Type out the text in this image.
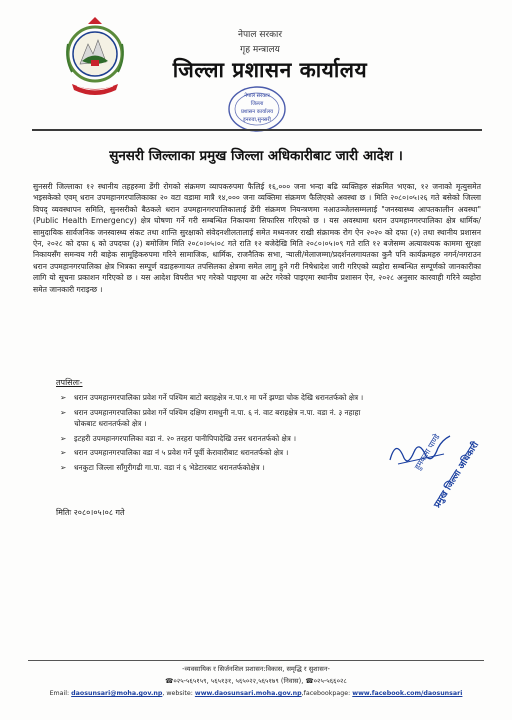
नेपाल सरकार
गृह मन्त्रालय
जिल्ला प्रशासन कार्यालय
नेपाल सरकार
जिल्ला
प्रशासन कार्यालय
इनरुवा,सुनसरी
सुनसरी जिल्लाका प्रमुख जिल्ला अधिकारीबाट जारी आदेश ।
सुनसरी जिल्लाका १२ स्थानीय तहहरुमा डेंगी रोगको संक्रमण व्यापकरुपमा फैलिई १६,००० जना भन्दा बढि व्यक्तिहरु संक्रमित भएका, १२ जनाको मृत्युसमेत भइसकेको एवम् धरान उपमहानगरपालिकाका २० वटा वडामा मात्रै १४,००० जना व्यक्तिमा संक्रमण फैलिएको अवस्था छ । मिति २०८०।०५।२६ गते बसेको जिल्ला विपद् व्यवस्थापन समिति, सुनसरीको बैठकले धरान उपमहानगरपालिकालाई डेंगी संक्रमण नियन्त्रणमा नआउञ्जेलसम्मलाई "जनस्वास्थ्य आपतकालीन अवस्था"(Public Health Emergency) क्षेत्र घोषणा गर्ने गरी सम्बन्धित निकायमा सिफारिस गरिएको छ । यस अवस्थामा धरान उपमहानगरपालिका क्षेत्र धार्मिक/सामुदायिक सार्वजनिक जनस्वास्थ्य संकट तथा शान्ति सुरक्षाको संवेदनशीलतालाई समेत मध्यनजर राखी संक्रामक रोग ऐन २०२० को दफा (२) तथा स्थानीय प्रशासन ऐन, २०२८ को दफा ६ को उपदफा (३) बमोजिम मिति २०८०।०५।०८ गते राति १२ बजेदेखि मिति २०८०।०५।०९ गते राति १२ बजेसम्म अत्यावश्यक काममा सुरक्षा निकायसँग समन्वय गरी बाहेक सामूहिकरुपमा गरिने सामाजिक, धार्मिक, राजनैतिक सभा, र्‍याली/मेलाजम्मा/प्रदर्शनलगायतका कुनै पनि कार्यक्रमहरु नगर्न/नगराउन धरान उपमहानगरपालिका क्षेत्र भित्रका सम्पूर्ण वडाहरूगायत तपसिलका क्षेत्रमा समेत लागु हुने गरी निषेधादेश जारी गरिएको व्यहोरा सम्बन्धित सम्पूर्णको जानकारीका लागि यो सूचना प्रकाशन गरिएको छ । यस आदेश विपरीत भए गरेको पाइएमा वा अटेर गरेको पाइएमा स्थानीय प्रशासन ऐन, २०२८ अनुसार कारवाही गरिने व्यहोरा समेत जानकारी गराइन्छ ।
तपसिलः-
➢ धरान उपमहानगरपालिका प्रवेश गर्ने पश्चिम बाटो बराहक्षेत्र न.पा.१ मा पर्ने झण्डा चोक देखि धरानतर्फको क्षेत्र ।
➢ धरान उपमहानगरपालिका प्रवेश गर्ने पश्चिम दक्षिण रामधुनी न.पा. ६ नं. वाट बराहक्षेत्र न.पा. वडा नं. ३ नहाहा चोकबाट धरानतर्फको क्षेत्र ।
➢ इटहरी उपमहानगरपालिका वडा नं. २० तरहरा पानीपिपादेखि उत्तर धरानतर्फको क्षेत्र ।
➢ धरान उपमहानगरपालिका वडा नं ५ प्रवेश गर्ने पूर्वी केरावारीबाट धरानतर्फको क्षेत्र ।
➢ धनकुटा जिल्ला साँगुरीगढी गा.पा. वडा नं ६ भेडेटारबाट धरानतर्फकोक्षेत्र ।	हुमकला पाण्डे
प्रमुख जिल्ला अधिकारी
मितिः २०८०।०५।०८ गते
-व्यवसायिक र सिर्जनशिल प्रशासन:विकास, समृद्धि र सुशासन-
☎०२५-५६५१५९, ५६५१३१, ५६५०२२,५६५१७९ (निवास), ☎०२५-५६६०२८
Email: daosunsari@moha.gov.np, website: www.daosunsari.moha.gov.np,facebookpage: www.facebook.com/daosunsari
